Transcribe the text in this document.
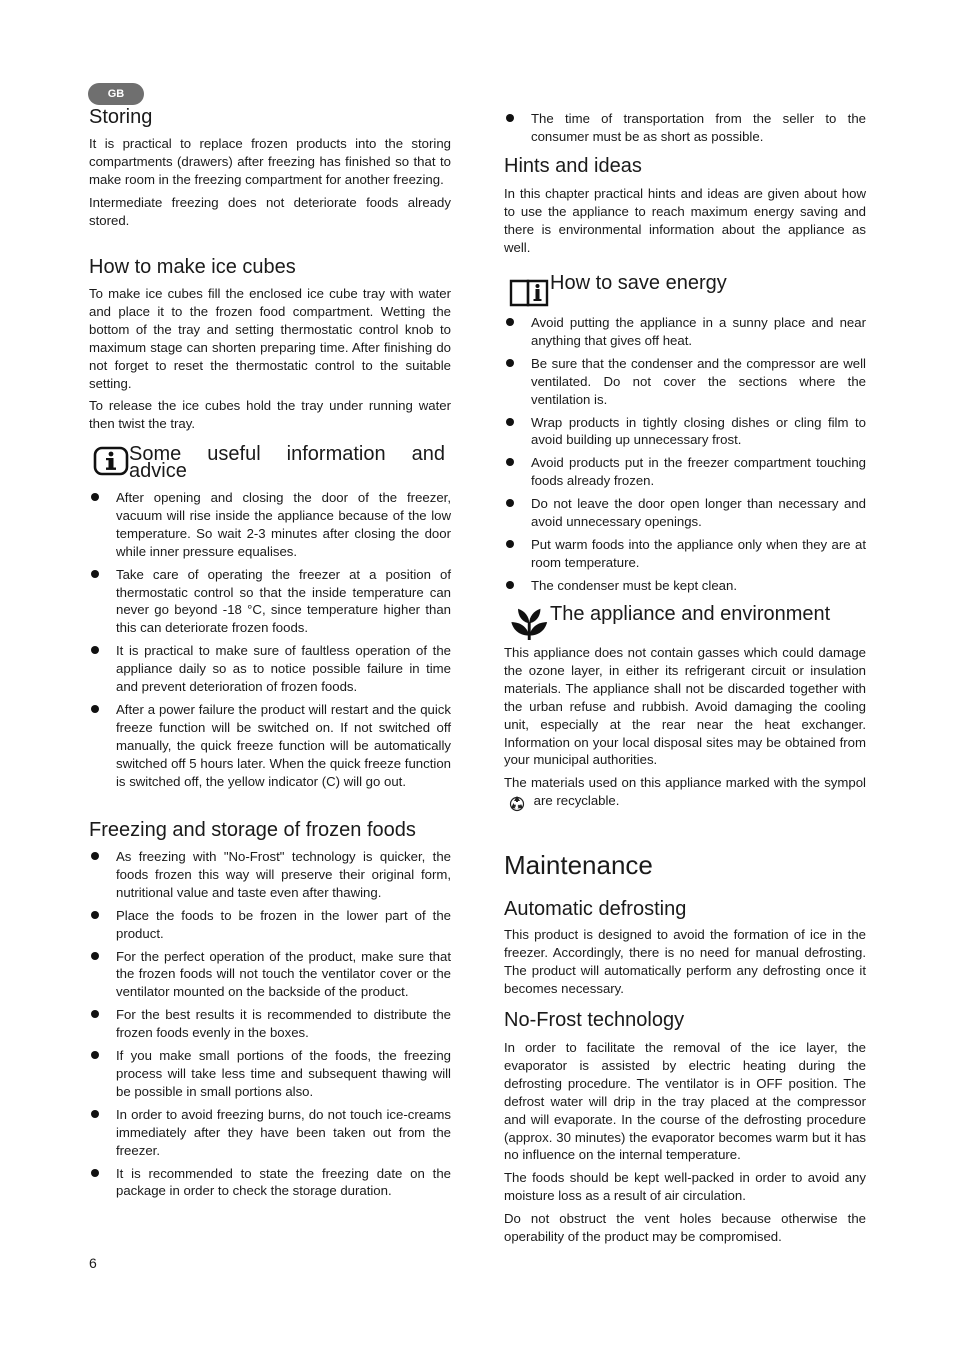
GB
Storing

It is practical to replace frozen products into the storing compartments (drawers) after freezing has finished so that to make room in the freezing compartment for another freezing.

Intermediate freezing does not deteriorate foods already stored.

How to make ice cubes

To make ice cubes fill the enclosed ice cube tray with water and place it to the frozen food compartment. Wetting the bottom of the tray and setting thermostatic control knob to maximum stage can shorten preparing time. After finishing do not forget to reset the thermostatic control to the suitable setting.

To release the ice cubes hold the tray under running water then twist the tray.

Some useful information and advice
After opening and closing the door of the freezer, vacuum will rise inside the appliance because of the low temperature. So wait 2-3 minutes after closing the door while inner pressure equalises.
Take care of operating the freezer at a position of thermostatic control so that the inside temperature can never go beyond -18 °C, since temperature higher than this can deteriorate frozen foods.
It is practical to make sure of faultless operation of the appliance daily so as to notice possible failure in time and prevent deterioration of frozen foods.
After a power failure the product will restart and the quick freeze function will be switched on. If not switched off manually, the quick freeze function will be automatically switched off 5 hours later. When the quick freeze function is switched off, the yellow indicator (C) will go out.
Freezing and storage of frozen foods
As freezing with "No-Frost" technology is quicker, the foods frozen this way will preserve their original form, nutritional value and taste even after thawing.
Place the foods to be frozen in the lower part of the product.
For the perfect operation of the product, make sure that the frozen foods will not touch the ventilator cover or the ventilator mounted on the backside of the product.
For the best results it is recommended to distribute the frozen foods evenly in the boxes.
If you make small portions of the foods, the freezing process will take less time and subsequent thawing will be possible in small portions also.
In order to avoid freezing burns, do not touch ice-creams immediately after they have been taken out from the freezer.
It is recommended to state the freezing date on the package in order to check the storage duration.
6
The time of transportation from the seller to the consumer must be as short as possible.
Hints and ideas

In this chapter practical hints and ideas are given about how to use the appliance to reach maximum energy saving and there is environmental information about the appliance as well.

How to save energy
Avoid putting the appliance in a sunny place and near anything that gives off heat.
Be sure that the condenser and the compressor are well ventilated. Do not cover the sections where the ventilation is.
Wrap products in tightly closing dishes or cling film to avoid building up unnecessary frost.
Avoid products put in the freezer compartment touching foods already frozen.
Do not leave the door open longer than necessary and avoid unnecessary openings.
Put warm foods into the appliance only when they are at room temperature.
The condenser must be kept clean.
The appliance and environment

This appliance does not contain gasses which could damage the ozone layer, in either its refrigerant circuit or insulation materials. The appliance shall not be discarded together with the urban refuse and rubbish. Avoid damaging the cooling unit, especially at the rear near the heat exchanger. Information on your local disposal sites may be obtained from your municipal authorities.

The materials used on this appliance marked with the sympol  are recyclable.

Maintenance
Automatic defrosting

This product is designed to avoid the formation of ice in the freezer. Accordingly, there is no need for manual defrosting. The product will automatically perform any defrosting once it becomes necessary.

No-Frost technology

In order to facilitate the removal of the ice layer, the evaporator is assisted by electric heating during the defrosting procedure. The ventilator is in OFF position. The defrost water will drip in the tray placed at the compressor and will evaporate. In the course of the defrosting procedure (approx. 30 minutes) the evaporator becomes warm but it has no influence on the internal temperature.

The foods should be kept well-packed in order to avoid any moisture loss as a result of air circulation.

Do not obstruct the vent holes because otherwise the operability of the product may be compromised.
